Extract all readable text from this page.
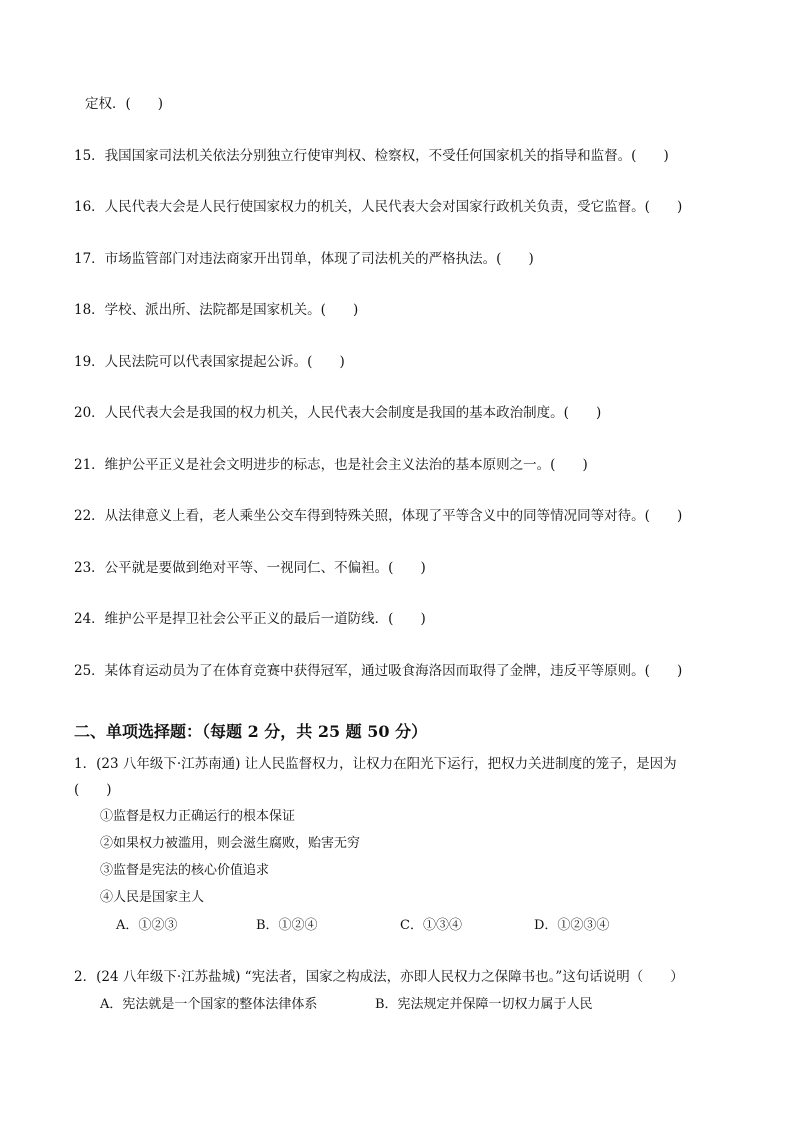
定权．(　　)
15．我国国家司法机关依法分别独立行使审判权、检察权，不受任何国家机关的指导和监督。(　　)
16．人民代表大会是人民行使国家权力的机关，人民代表大会对国家行政机关负责，受它监督。(　　)
17．市场监管部门对违法商家开出罚单，体现了司法机关的严格执法。(　　)
18．学校、派出所、法院都是国家机关。(　　)
19．人民法院可以代表国家提起公诉。(　　)
20．人民代表大会是我国的权力机关，人民代表大会制度是我国的基本政治制度。(　　)
21．维护公平正义是社会文明进步的标志，也是社会主义法治的基本原则之一。(　　)
22．从法律意义上看，老人乘坐公交车得到特殊关照，体现了平等含义中的同等情况同等对待。(　　)
23．公平就是要做到绝对平等、一视同仁、不偏袒。(　　)
24．维护公平是捍卫社会公平正义的最后一道防线．(　　)
25．某体育运动员为了在体育竞赛中获得冠军，通过吸食海洛因而取得了金牌，违反平等原则。(　　)
二、单项选择题：（每题 2 分，共 25 题 50 分）
1．(23 八年级下·江苏南通) 让人民监督权力，让权力在阳光下运行，把权力关进制度的笼子，是因为
(　　)
①监督是权力正确运行的根本保证
②如果权力被滥用，则会滋生腐败，贻害无穷
③监督是宪法的核心价值追求
④人民是国家主人
A．①②③	B．①②④	C．①③④	D．①②③④
2．(24 八年级下·江苏盐城) “宪法者，国家之构成法，亦即人民权力之保障书也。”这句话说明（　　）
A．宪法就是一个国家的整体法律体系	B．宪法规定并保障一切权力属于人民
